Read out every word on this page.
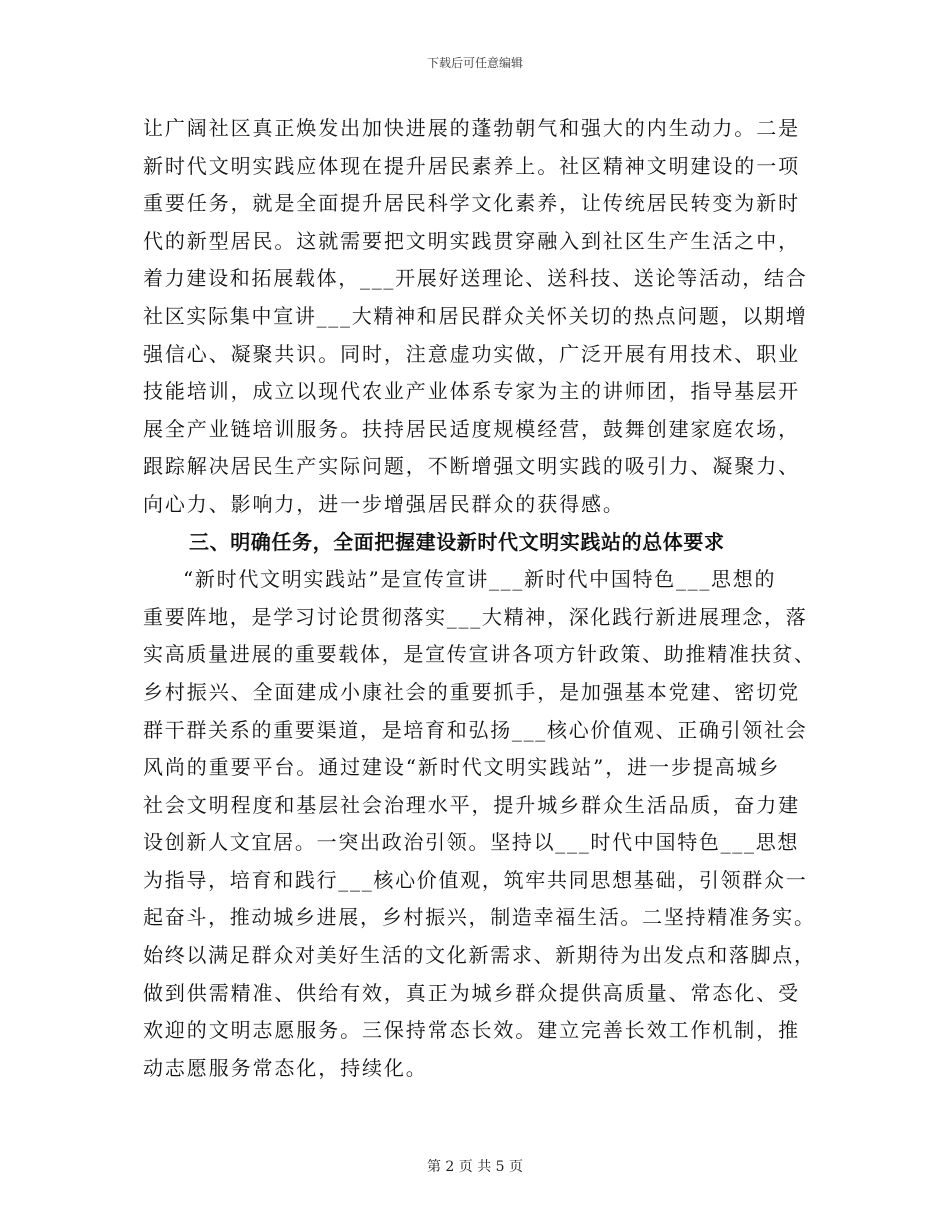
下载后可任意编辑
让广阔社区真正焕发出加快进展的蓬勃朝气和强大的内生动力。二是
新时代文明实践应体现在提升居民素养上。社区精神文明建设的一项
重要任务，就是全面提升居民科学文化素养，让传统居民转变为新时
代的新型居民。这就需要把文明实践贯穿融入到社区生产生活之中，
着力建设和拓展载体，___开展好送理论、送科技、送论等活动，结合
社区实际集中宣讲___大精神和居民群众关怀关切的热点问题，以期增
强信心、凝聚共识。同时，注意虚功实做，广泛开展有用技术、职业
技能培训，成立以现代农业产业体系专家为主的讲师团，指导基层开
展全产业链培训服务。扶持居民适度规模经营，鼓舞创建家庭农场，
跟踪解决居民生产实际问题，不断增强文明实践的吸引力、凝聚力、
向心力、影响力，进一步增强居民群众的获得感。
三、明确任务，全面把握建设新时代文明实践站的总体要求
“新时代文明实践站”是宣传宣讲___新时代中国特色___思想的
重要阵地，是学习讨论贯彻落实___大精神，深化践行新进展理念，落
实高质量进展的重要载体，是宣传宣讲各项方针政策、助推精准扶贫、
乡村振兴、全面建成小康社会的重要抓手，是加强基本党建、密切党
群干群关系的重要渠道，是培育和弘扬___核心价值观、正确引领社会
风尚的重要平台。通过建设“新时代文明实践站”，进一步提高城乡
社会文明程度和基层社会治理水平，提升城乡群众生活品质，奋力建
设创新人文宜居。一突出政治引领。坚持以___时代中国特色___思想
为指导，培育和践行___核心价值观，筑牢共同思想基础，引领群众一
起奋斗，推动城乡进展，乡村振兴，制造幸福生活。二坚持精准务实。
始终以满足群众对美好生活的文化新需求、新期待为出发点和落脚点，
做到供需精准、供给有效，真正为城乡群众提供高质量、常态化、受
欢迎的文明志愿服务。三保持常态长效。建立完善长效工作机制，推
动志愿服务常态化，持续化。
第 2 页 共 5 页
